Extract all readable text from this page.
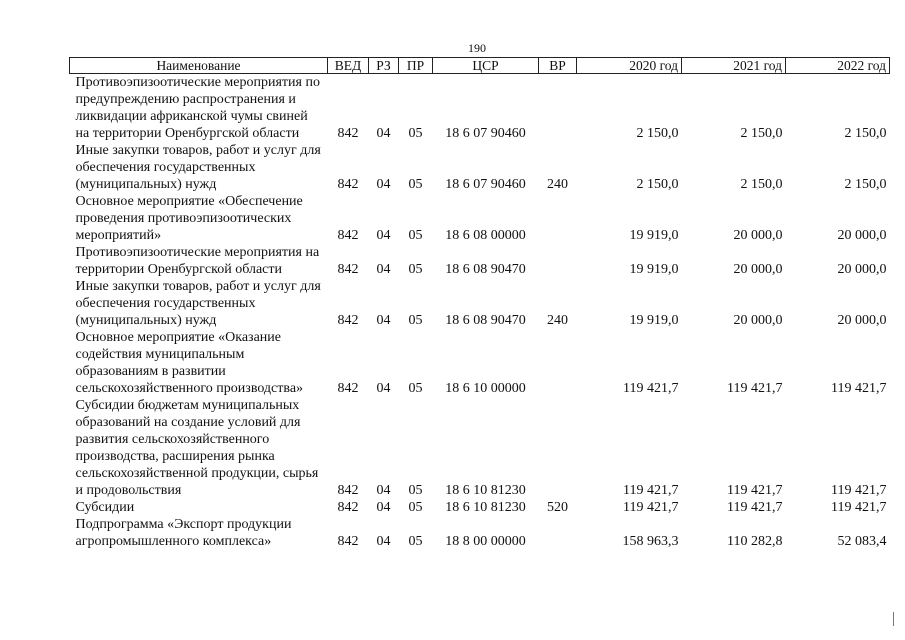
190
Наименование	ВЕД	РЗ	ПР	ЦСР	ВР	2020 год	2021 год	2022 год
Противоэпизоотические мероприятия по предупреждению распространения и ликвидации африканской чумы свиней на территории Оренбургской области	842	04	05	18 6 07 90460		2 150,0	2 150,0	2 150,0
Иные закупки товаров, работ и услуг для обеспечения государственных (муниципальных) нужд	842	04	05	18 6 07 90460	240	2 150,0	2 150,0	2 150,0
Основное мероприятие «Обеспечение проведения противоэпизоотических мероприятий»	842	04	05	18 6 08 00000		19 919,0	20 000,0	20 000,0
Противоэпизоотические мероприятия на территории Оренбургской области	842	04	05	18 6 08 90470		19 919,0	20 000,0	20 000,0
Иные закупки товаров, работ и услуг для обеспечения государственных (муниципальных) нужд	842	04	05	18 6 08 90470	240	19 919,0	20 000,0	20 000,0
Основное мероприятие «Оказание содействия муниципальным образованиям в развитии сельскохозяйственного производства»	842	04	05	18 6 10 00000		119 421,7	119 421,7	119 421,7
Субсидии бюджетам муниципальных образований на создание условий для развития сельскохозяйственного производства, расширения рынка сельскохозяйственной продукции, сырья и продовольствия	842	04	05	18 6 10 81230		119 421,7	119 421,7	119 421,7
Субсидии	842	04	05	18 6 10 81230	520	119 421,7	119 421,7	119 421,7
Подпрограмма «Экспорт продукции агропромышленного комплекса»	842	04	05	18 8 00 00000		158 963,3	110 282,8	52 083,4
